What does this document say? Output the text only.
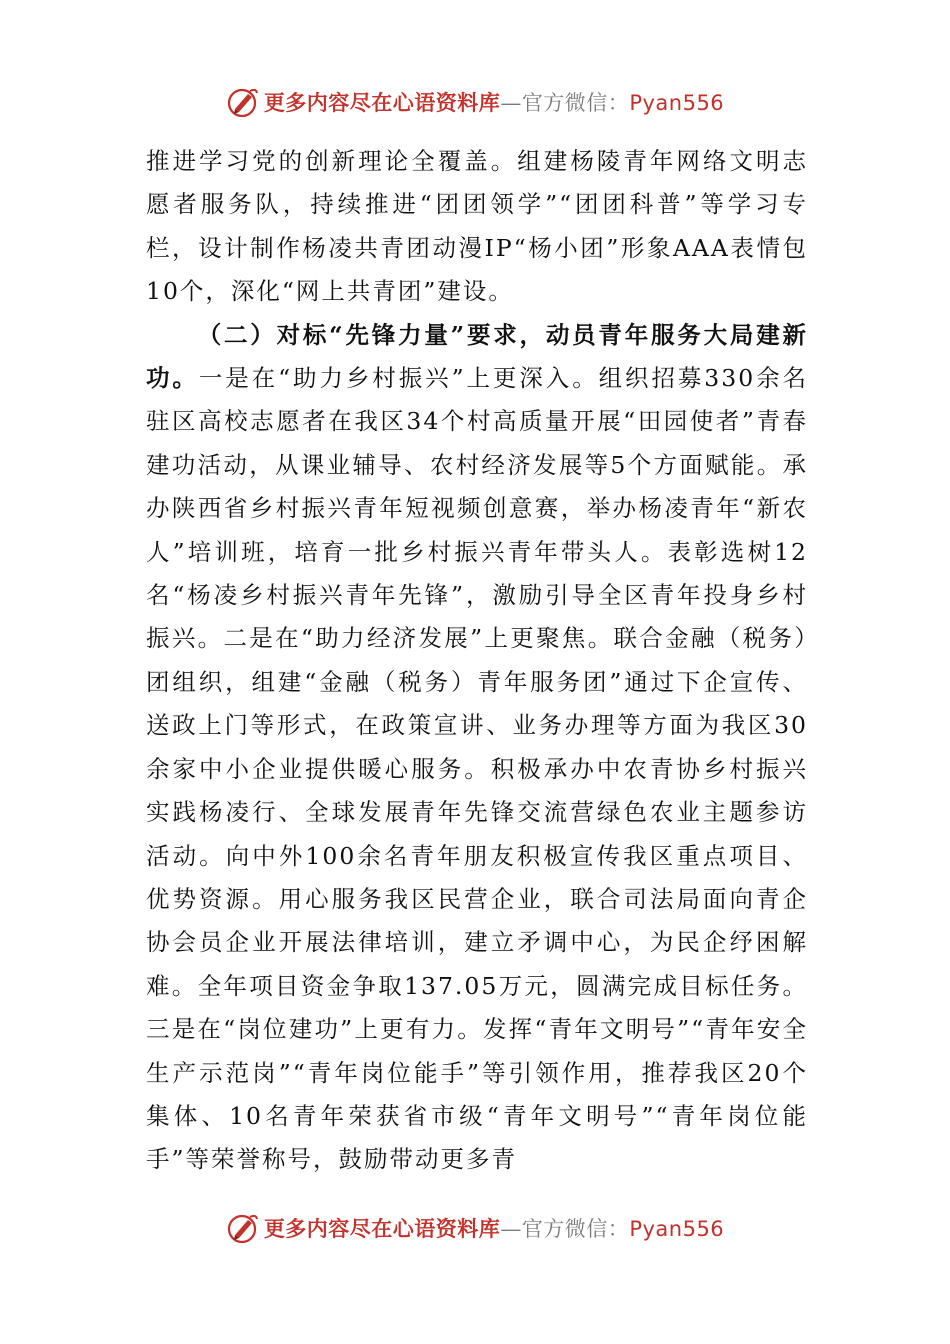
更多内容尽在心语资料库—官方微信：Pyan556

推进学习党的创新理论全覆盖。组建杨陵青年网络文明志愿者服务队，持续推进“团团领学”“团团科普”等学习专栏，设计制作杨凌共青团动漫IP“杨小团”形象AAA表情包10个，深化“网上共青团”建设。

（二）对标“先锋力量”要求，动员青年服务大局建新功。一是在“助力乡村振兴”上更深入。组织招募330余名驻区高校志愿者在我区34个村高质量开展“田园使者”青春建功活动，从课业辅导、农村经济发展等5个方面赋能。承办陕西省乡村振兴青年短视频创意赛，举办杨凌青年“新农人”培训班，培育一批乡村振兴青年带头人。表彰选树12名“杨凌乡村振兴青年先锋”，激励引导全区青年投身乡村振兴。二是在“助力经济发展”上更聚焦。联合金融（税务）团组织，组建“金融（税务）青年服务团”通过下企宣传、送政上门等形式，在政策宣讲、业务办理等方面为我区30余家中小企业提供暖心服务。积极承办中农青协乡村振兴实践杨凌行、全球发展青年先锋交流营绿色农业主题参访活动。向中外100余名青年朋友积极宣传我区重点项目、优势资源。用心服务我区民营企业，联合司法局面向青企协会员企业开展法律培训，建立矛调中心，为民企纾困解难。全年项目资金争取137.05万元，圆满完成目标任务。三是在“岗位建功”上更有力。发挥“青年文明号”“青年安全生产示范岗”“青年岗位能手”等引领作用，推荐我区20个集体、10名青年荣获省市级“青年文明号”“青年岗位能手”等荣誉称号，鼓励带动更多青

更多内容尽在心语资料库—官方微信：Pyan556
